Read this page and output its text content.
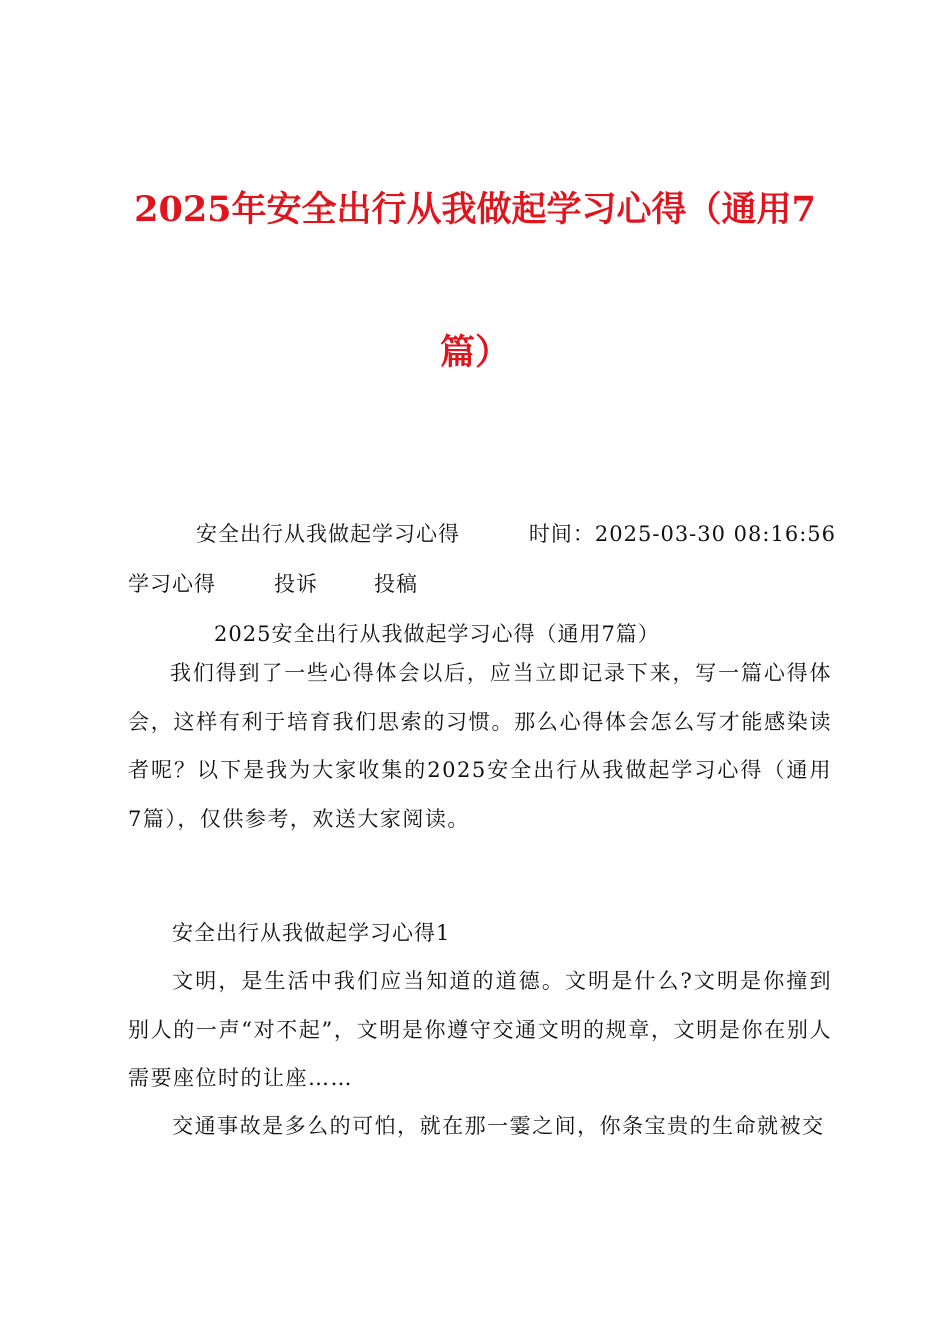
2025年安全出行从我做起学习心得（通用7
篇）
安全出行从我做起学习心得	时间：2025-03-30 08:16:56
学习心得	投诉	投稿
2025安全出行从我做起学习心得（通用7篇）

我们得到了一些心得体会以后，应当立即记录下来，写一篇心得体会，这样有利于培育我们思索的习惯。那么心得体会怎么写才能感染读者呢？以下是我为大家收集的2025安全出行从我做起学习心得（通用7篇），仅供参考，欢送大家阅读。

安全出行从我做起学习心得1

文明，是生活中我们应当知道的道德。文明是什么?文明是你撞到别人的一声“对不起”，文明是你遵守交通文明的规章，文明是你在别人需要座位时的让座……

交通事故是多么的可怕，就在那一霎之间，你条宝贵的生命就被交
